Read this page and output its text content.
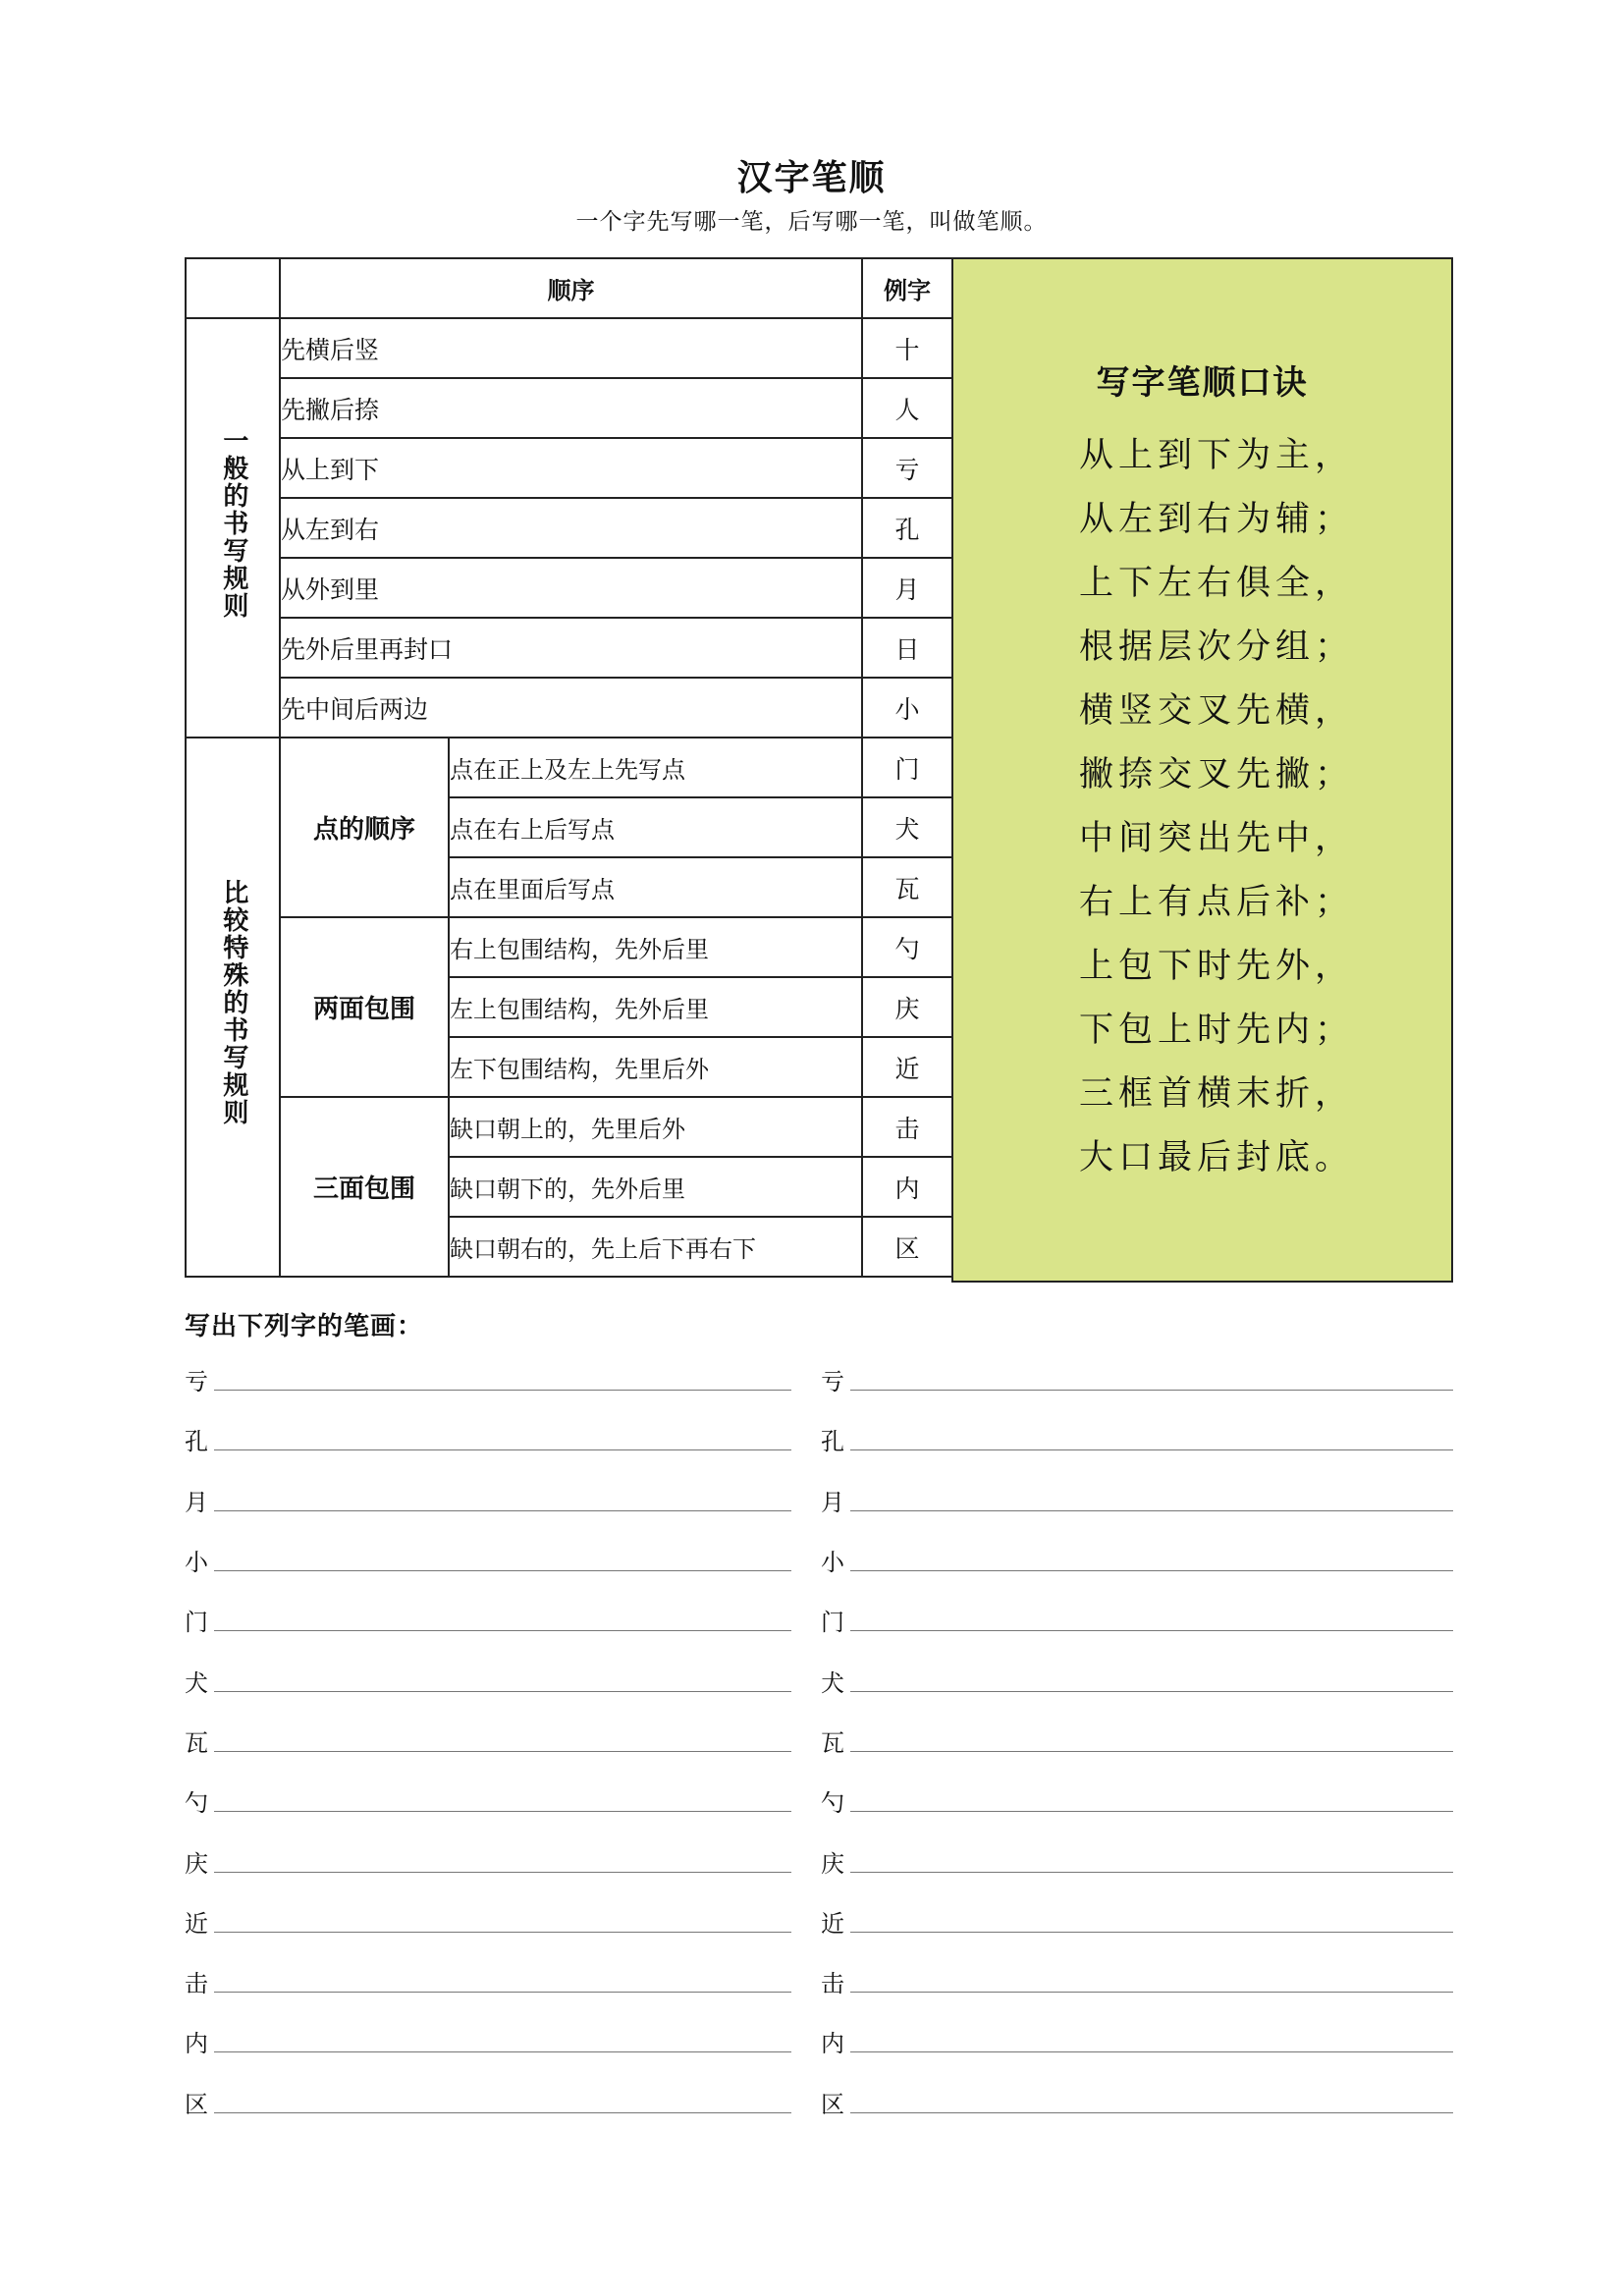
汉字笔顺
一个字先写哪一笔，后写哪一笔，叫做笔顺。
	顺序		例字
一般的书写规则	先横后竖		十
	先撇后捺		人
	从上到下		亏
	从左到右		孔
	从外到里		月
	先外后里再封口		日
	先中间后两边		小
比较特殊的书写规则	点的顺序	点在正上及左上先写点	门
		点在右上后写点	犬
		点在里面后写点	瓦
	两面包围	右上包围结构，先外后里	勺
		左上包围结构，先外后里	庆
		左下包围结构，先里后外	近
	三面包围	缺口朝上的，先里后外	击
		缺口朝下的，先外后里	内
		缺口朝右的，先上后下再右下	区
写字笔顺口诀
从上到下为主，
从左到右为辅；
上下左右俱全，
根据层次分组；
横竖交叉先横，
撇捺交叉先撇；
中间突出先中，
右上有点后补；
上包下时先外，
下包上时先内；
三框首横末折，
大口最后封底。
写出下列字的笔画：
亏
孔
月
小
门
犬
瓦
勺
庆
近
击
内
区
亏
孔
月
小
门
犬
瓦
勺
庆
近
击
内
区
